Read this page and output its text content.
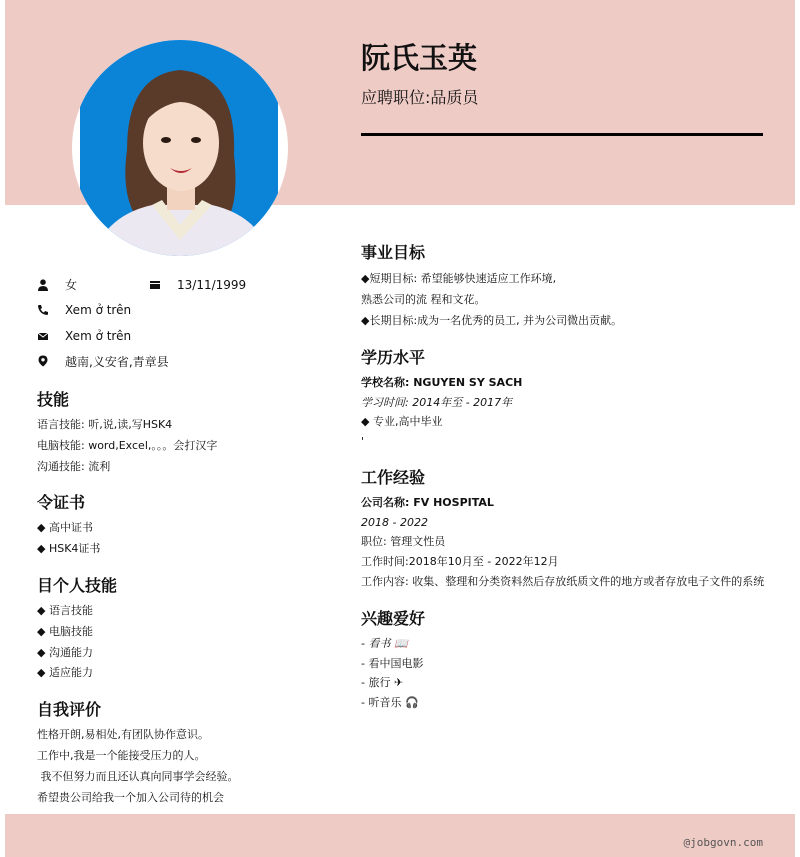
阮氏玉英
应聘职位:品质员
女	13/11/1999
Xem ở trên
Xem ở trên
越南,义安省,青章县
技能
语言技能: 听,说,读,写HSK4
电脑枝能: word,Excel,。。。会打汉字
沟通技能: 流利
令证书
◆ 高中证书
◆ HSK4证书
目个人技能
◆ 语言技能
◆ 电脑技能
◆ 沟通能力
◆ 适应能力
自我评价
性格开朗,易相处,有团队协作意识。
工作中,我是一个能接受压力的人。
我不但努力而且还认真向同事学会经验。
希望贵公司给我一个加入公司待的机会
事业目标
◆短期目标: 希望能够快速适应工作环境,
熟悉公司的流 程和文花。
◆长期目标:成为一名优秀的员工, 并为公司微出贡献。
学历水平
学校名称: NGUYEN SY SACH
学习时间: 2014年至 - 2017年
◆ 专业,高中毕业
'
工作经验
公司名称: FV HOSPITAL
2018 - 2022
职位: 管理文性员
工作时间:2018年10月至 - 2022年12月
工作内容: 收集、整理和分类资料然后存放纸质文件的地方或者存放电子文件的系统
兴趣爱好
- 看书 📖
- 看中国电影
- 旅行 ✈
- 听音乐 🎧
@jobgovn.com
